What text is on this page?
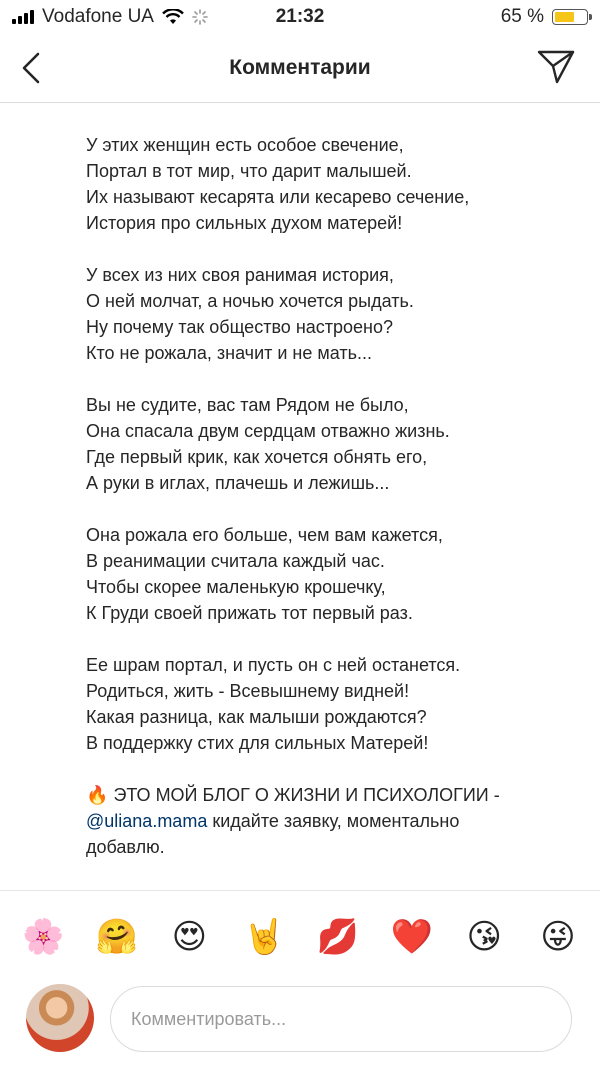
Vodafone UA	21:32	65 %
Комментарии
У этих женщин есть особое свечение,
Портал в тот мир, что дарит малышей.
Их называют кесарята или кесарево сечение,
История про сильных духом матерей!
У всех из них своя ранимая история,
О ней молчат, а ночью хочется рыдать.
Ну почему так общество настроено?
Кто не рожала, значит и не мать...
Вы не судите, вас там Рядом не было,
Она спасала двум сердцам отважно жизнь.
Где первый крик, как хочется обнять его,
А руки в иглах, плачешь и лежишь...
Она рожала его больше, чем вам кажется,
В реанимации считала каждый час.
Чтобы скорее маленькую крошечку,
К Груди своей прижать тот первый раз.
Ее шрам портал, и пусть он с ней останется.
Родиться, жить - Всевышнему видней!
Какая разница, как малыши рождаются?
В поддержку стих для сильных Матерей!
🔥 ЭТО МОЙ БЛОГ О ЖИЗНИ И ПСИХОЛОГИИ -
@uliana.mama кидайте заявку, моментально
добавлю.
🌸 🤗 😍 🤘 💋 ❤️ 😘 😜
Комментировать...
